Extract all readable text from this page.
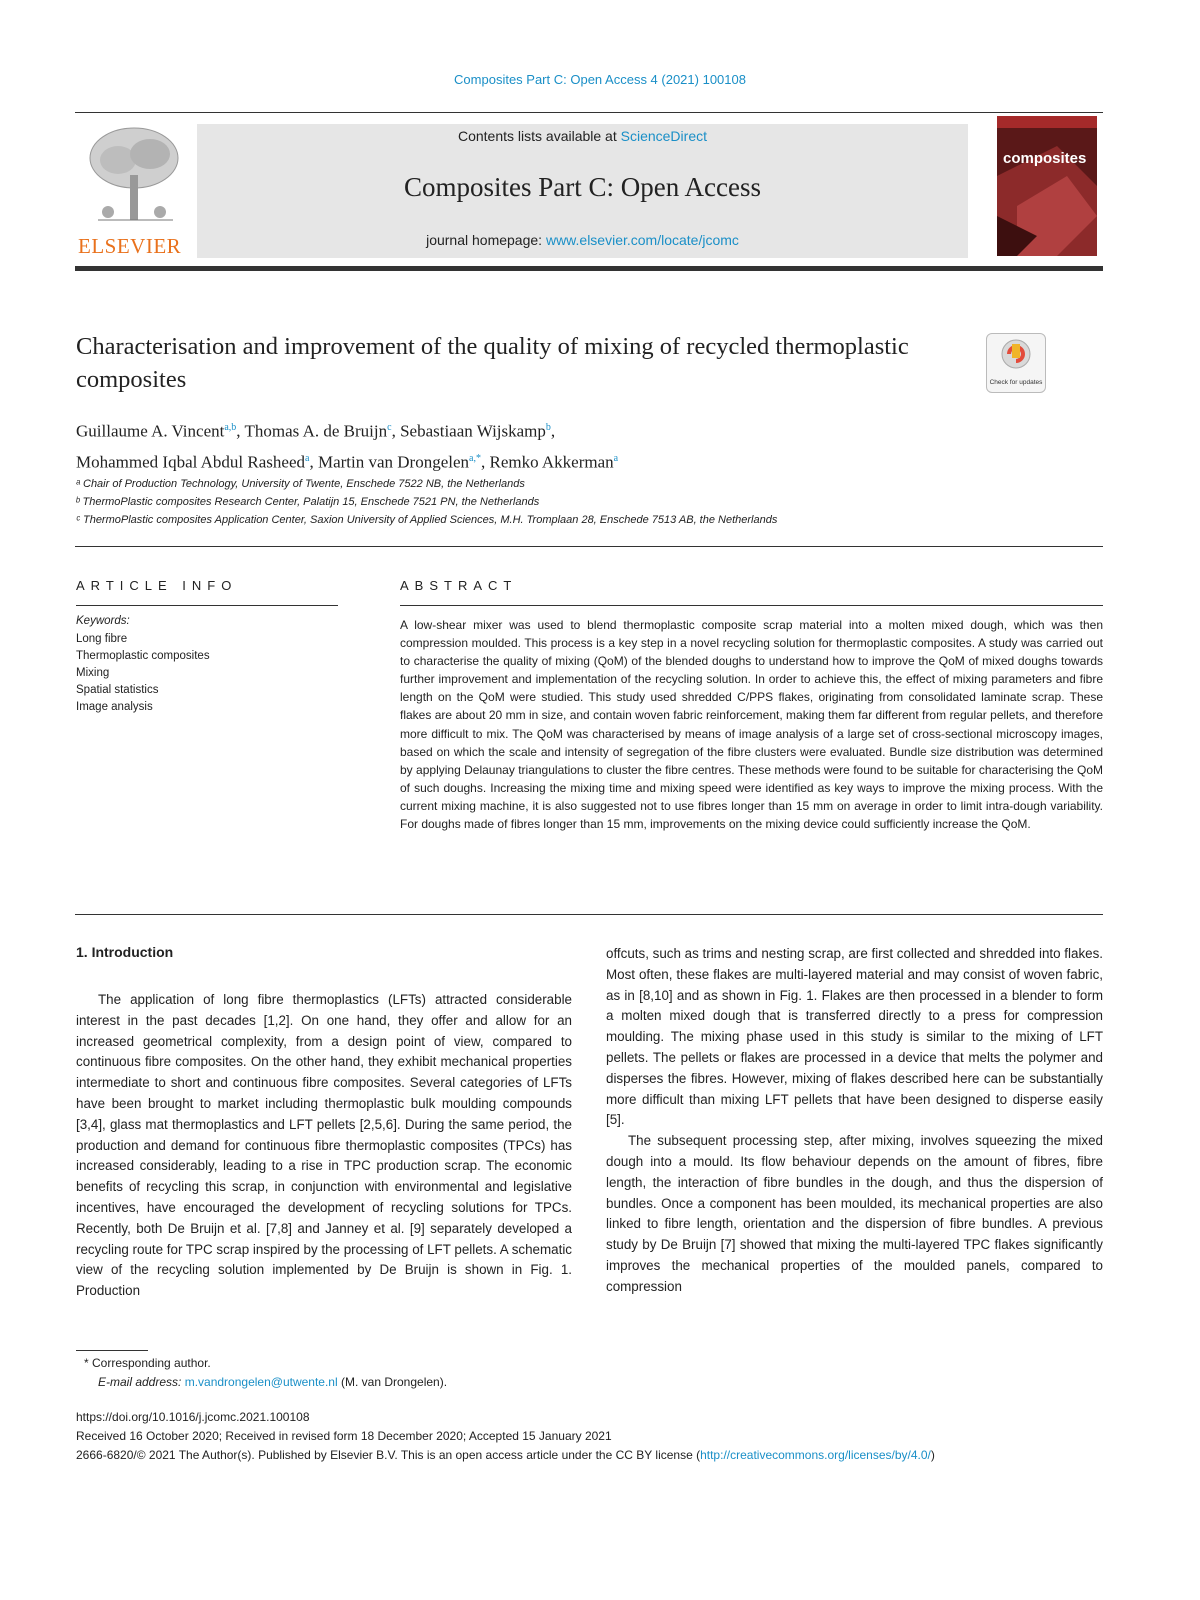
Composites Part C: Open Access 4 (2021) 100108
ELSEVIER
Contents lists available at ScienceDirect
Composites Part C: Open Access
journal homepage: www.elsevier.com/locate/jcomc
composites
Characterisation and improvement of the quality of mixing of recycled thermoplastic composites	Check for updates
Guillaume A. Vincent$^{a,b}$, Thomas A. de Bruijn$^c$, Sebastiaan Wijskamp$^b$,
Mohammed Iqbal Abdul Rasheed$^a$, Martin van Drongelen$^{a,*}$, Remko Akkerman$^a$
ᵃ Chair of Production Technology, University of Twente, Enschede 7522 NB, the Netherlands
ᵇ ThermoPlastic composites Research Center, Palatijn 15, Enschede 7521 PN, the Netherlands
ᶜ ThermoPlastic composites Application Center, Saxion University of Applied Sciences, M.H. Tromplaan 28, Enschede 7513 AB, the Netherlands
ARTICLE INFO
Keywords:
Long fibre
Thermoplastic composites
Mixing
Spatial statistics
Image analysis
ABSTRACT
A low-shear mixer was used to blend thermoplastic composite scrap material into a molten mixed dough, which was then compression moulded. This process is a key step in a novel recycling solution for thermoplastic composites. A study was carried out to characterise the quality of mixing (QoM) of the blended doughs to understand how to improve the QoM of mixed doughs towards further improvement and implementation of the recycling solution. In order to achieve this, the effect of mixing parameters and fibre length on the QoM were studied. This study used shredded C/PPS flakes, originating from consolidated laminate scrap. These flakes are about 20 mm in size, and contain woven fabric reinforcement, making them far different from regular pellets, and therefore more difficult to mix. The QoM was characterised by means of image analysis of a large set of cross-sectional microscopy images, based on which the scale and intensity of segregation of the fibre clusters were evaluated. Bundle size distribution was determined by applying Delaunay triangulations to cluster the fibre centres. These methods were found to be suitable for characterising the QoM of such doughs. Increasing the mixing time and mixing speed were identified as key ways to improve the mixing process. With the current mixing machine, it is also suggested not to use fibres longer than 15 mm on average in order to limit intra-dough variability. For doughs made of fibres longer than 15 mm, improvements on the mixing device could sufficiently increase the QoM.
1. Introduction

The application of long fibre thermoplastics (LFTs) attracted considerable interest in the past decades [1,2]. On one hand, they offer and allow for an increased geometrical complexity, from a design point of view, compared to continuous fibre composites. On the other hand, they exhibit mechanical properties intermediate to short and continuous fibre composites. Several categories of LFTs have been brought to market including thermoplastic bulk moulding compounds [3,4], glass mat thermoplastics and LFT pellets [2,5,6]. During the same period, the production and demand for continuous fibre thermoplastic composites (TPCs) has increased considerably, leading to a rise in TPC production scrap. The economic benefits of recycling this scrap, in conjunction with environmental and legislative incentives, have encouraged the development of recycling solutions for TPCs. Recently, both De Bruijn et al. [7,8] and Janney et al. [9] separately developed a recycling route for TPC scrap inspired by the processing of LFT pellets. A schematic view of the recycling solution implemented by De Bruijn is shown in Fig. 1. Production

offcuts, such as trims and nesting scrap, are first collected and shredded into flakes. Most often, these flakes are multi-layered material and may consist of woven fabric, as in [8,10] and as shown in Fig. 1. Flakes are then processed in a blender to form a molten mixed dough that is transferred directly to a press for compression moulding. The mixing phase used in this study is similar to the mixing of LFT pellets. The pellets or flakes are processed in a device that melts the polymer and disperses the fibres. However, mixing of flakes described here can be substantially more difficult than mixing LFT pellets that have been designed to disperse easily [5].

The subsequent processing step, after mixing, involves squeezing the mixed dough into a mould. Its flow behaviour depends on the amount of fibres, fibre length, the interaction of fibre bundles in the dough, and thus the dispersion of bundles. Once a component has been moulded, its mechanical properties are also linked to fibre length, orientation and the dispersion of fibre bundles. A previous study by De Bruijn [7] showed that mixing the multi-layered TPC flakes significantly improves the mechanical properties of the moulded panels, compared to compression

* Corresponding author.
E-mail address: m.vandrongelen@utwente.nl (M. van Drongelen).
https://doi.org/10.1016/j.jcomc.2021.100108
Received 16 October 2020; Received in revised form 18 December 2020; Accepted 15 January 2021
2666-6820/© 2021 The Author(s). Published by Elsevier B.V. This is an open access article under the CC BY license (http://creativecommons.org/licenses/by/4.0/)
